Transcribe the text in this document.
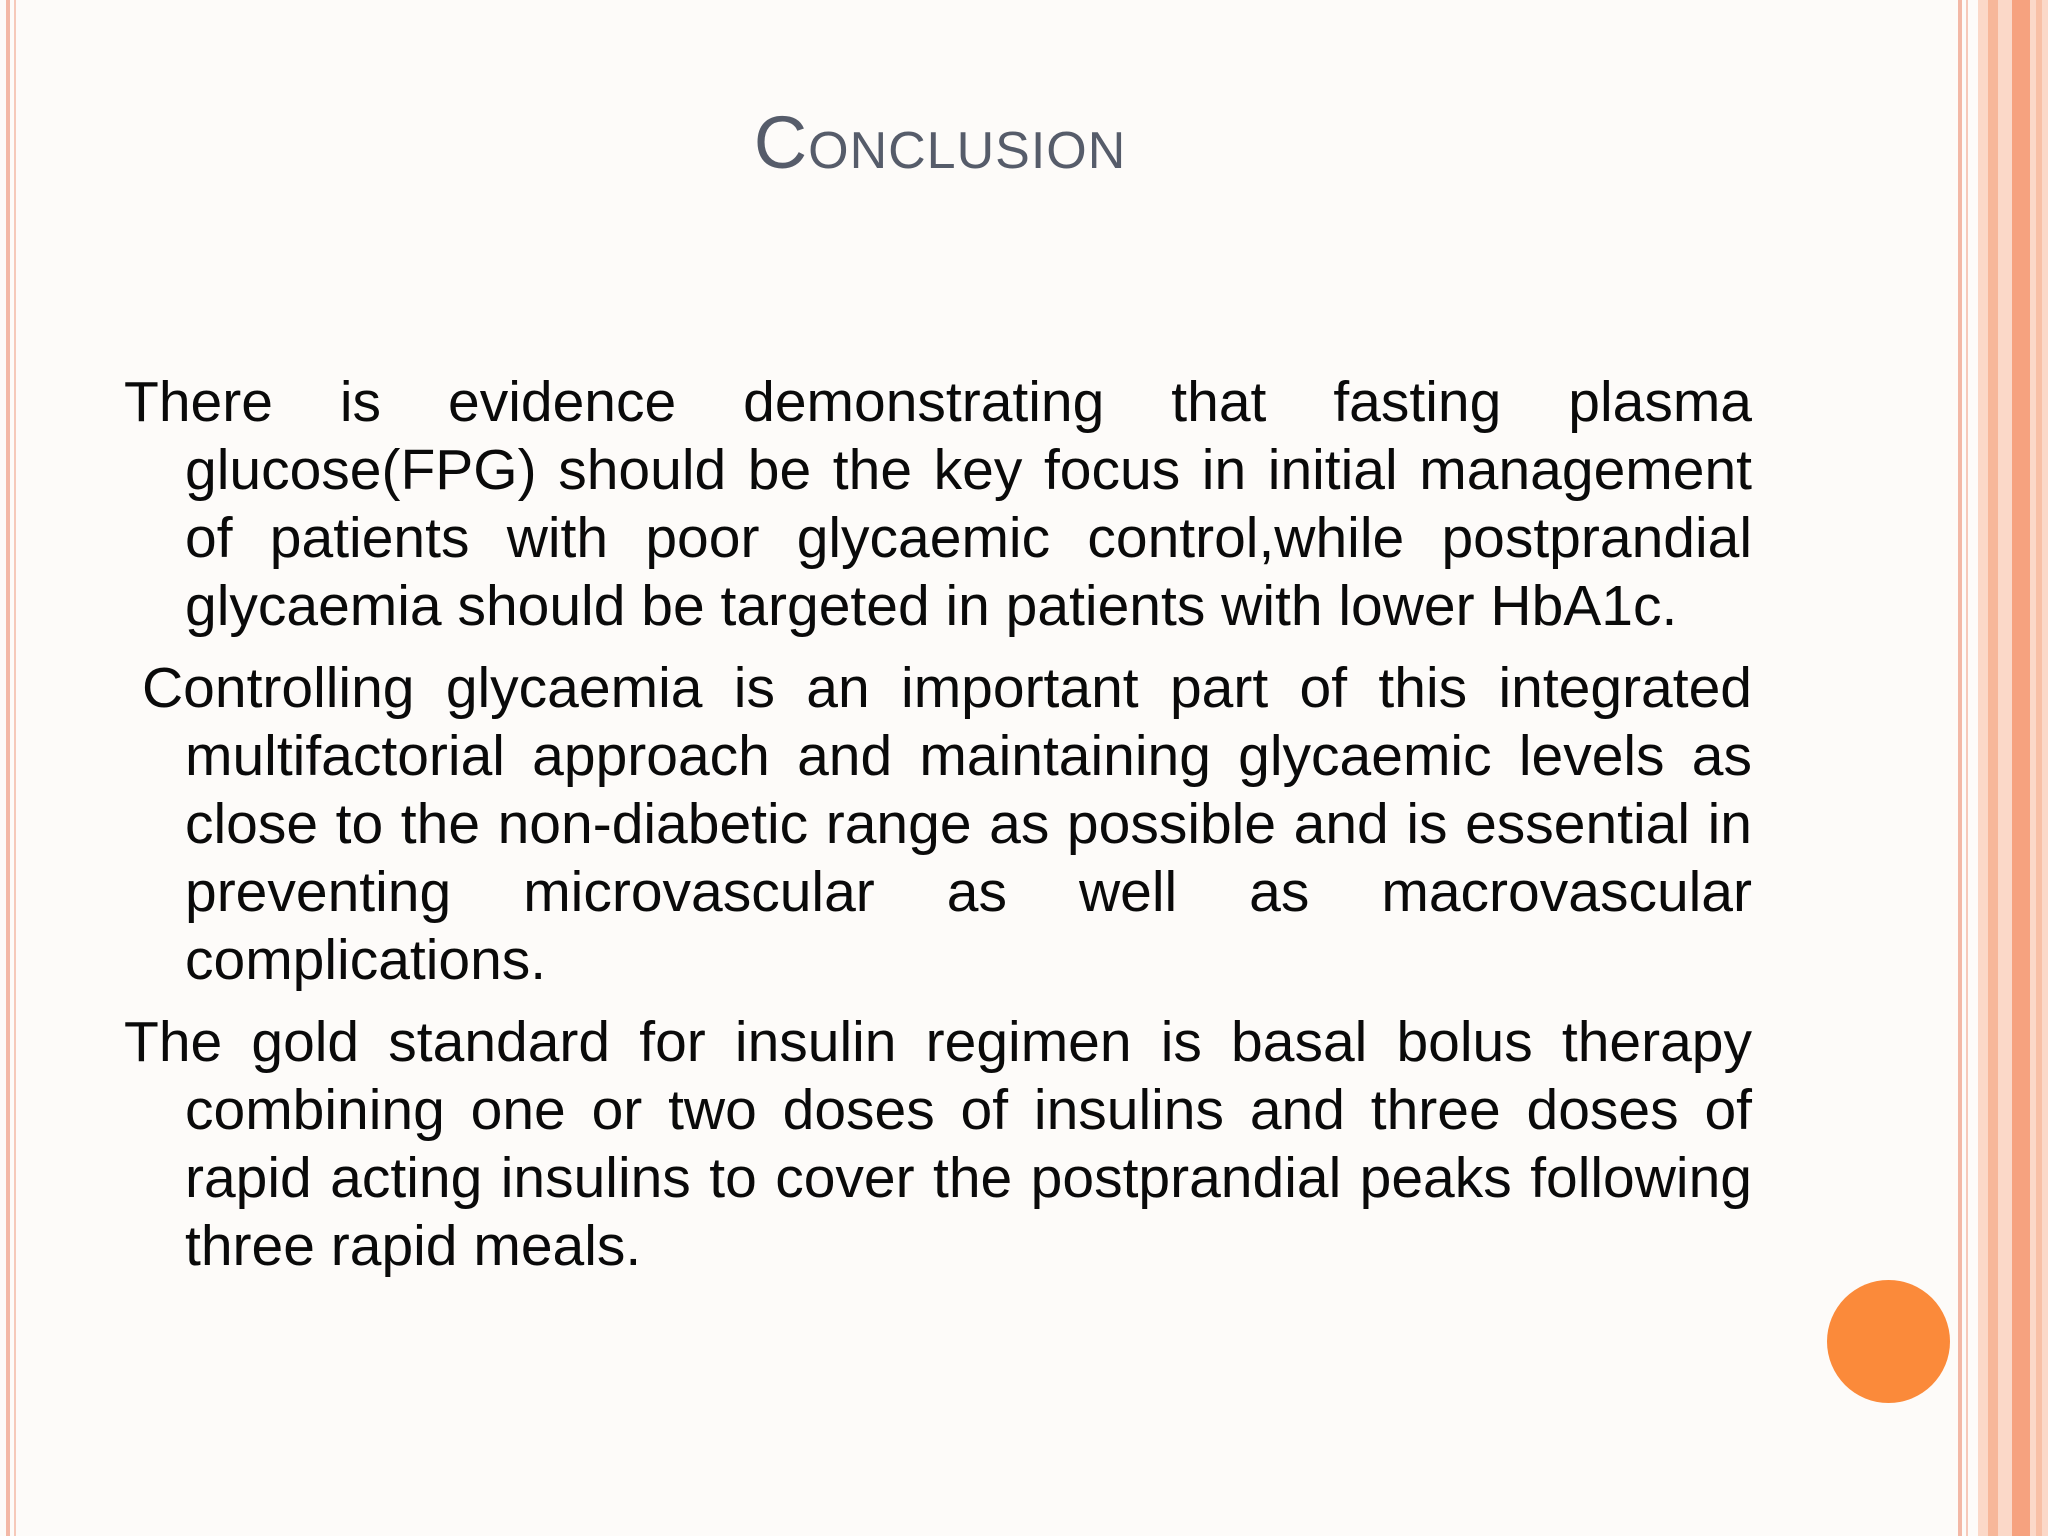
Conclusion

There is evidence demonstrating that fasting plasma glucose(FPG) should be the key focus in initial management of patients with poor glycaemic control,while postprandial glycaemia should be targeted in patients with lower HbA1c.

Controlling glycaemia is an important part of this integrated multifactorial approach and maintaining glycaemic levels as close to the non-diabetic range as possible and is essential in preventing microvascular as well as macrovascular complications.

The gold standard for insulin regimen is basal bolus therapy combining one or two doses of insulins and three doses of rapid acting insulins to cover the postprandial peaks following three rapid meals.
